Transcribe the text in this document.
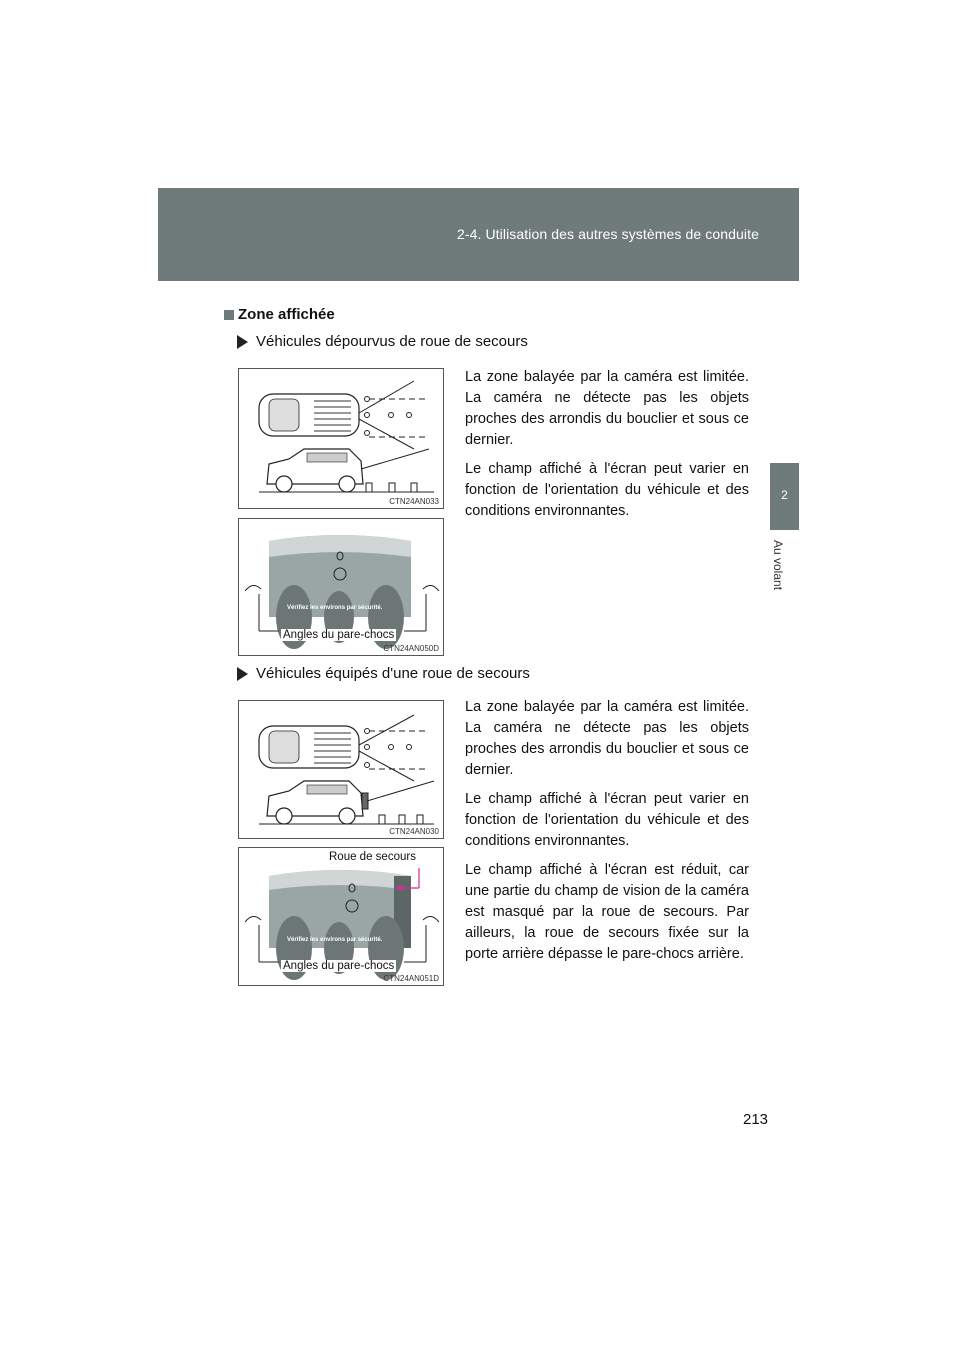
2-4. Utilisation des autres systèmes de conduite
2
Au volant
Zone affichée
Véhicules dépourvus de roue de secours
CTN24AN033
Vérifiez les environs par sécurité.
Angles du pare-chocs
CTN24AN050D

La zone balayée par la caméra est limitée. La caméra ne détecte pas les objets proches des arrondis du bouclier et sous ce dernier.

Le champ affiché à l'écran peut varier en fonction de l'orientation du véhicule et des conditions environnantes.

Véhicules équipés d'une roue de secours
CTN24AN030
Roue de secours
Vérifiez les environs par sécurité.
Angles du pare-chocs
CTN24AN051D

La zone balayée par la caméra est limitée. La caméra ne détecte pas les objets proches des arrondis du bouclier et sous ce dernier.

Le champ affiché à l'écran peut varier en fonction de l'orientation du véhicule et des conditions environnantes.

Le champ affiché à l'écran est réduit, car une partie du champ de vision de la caméra est masqué par la roue de secours. Par ailleurs, la roue de secours fixée sur la porte arrière dépasse le pare-chocs arrière.

213
